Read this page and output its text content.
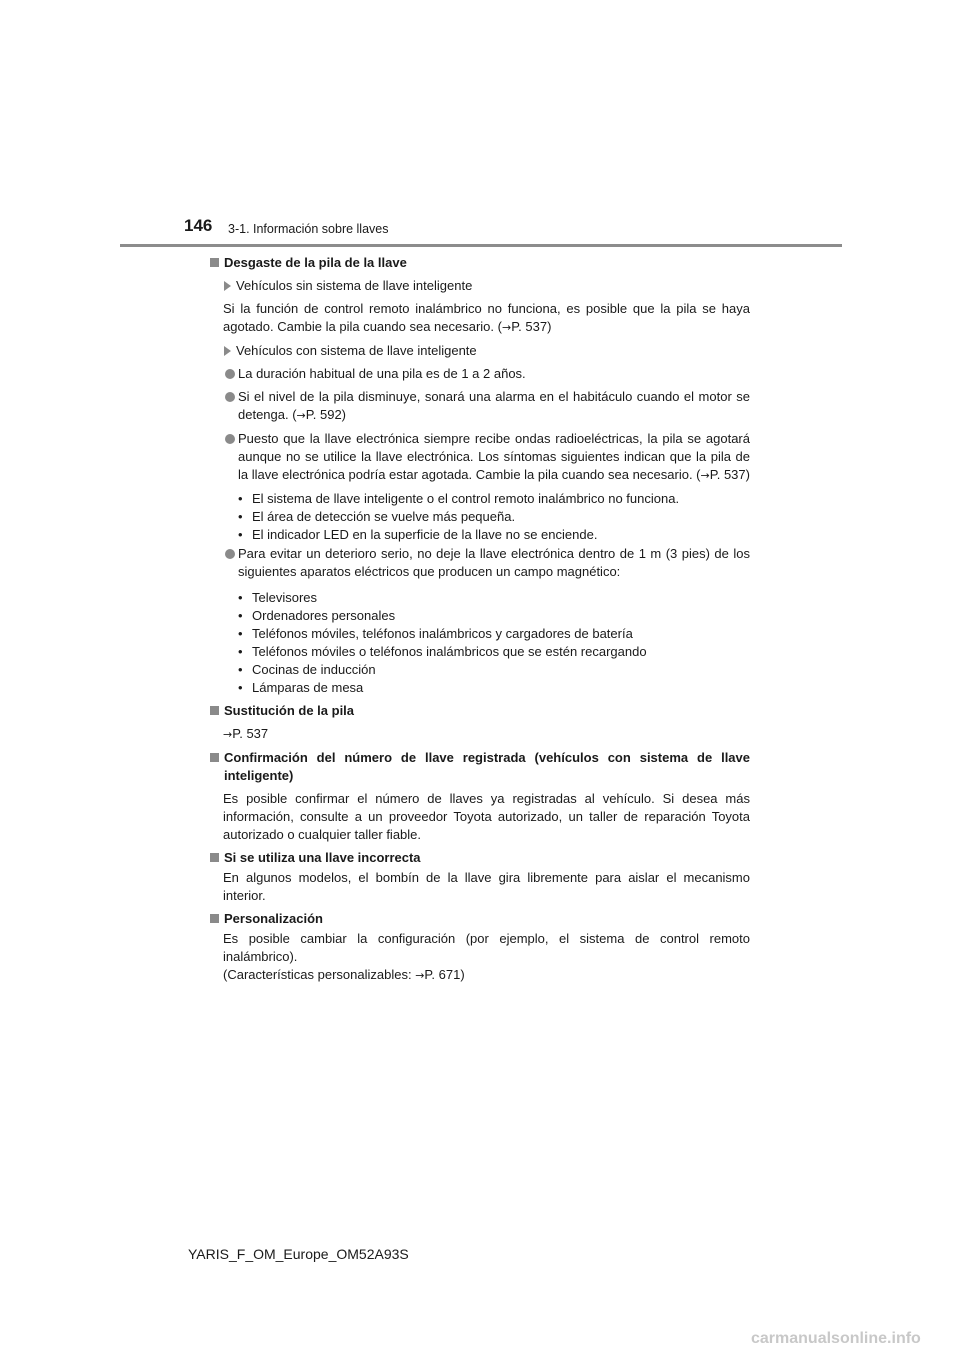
146 3-1. Información sobre llaves

Desgaste de la pila de la llave

Vehículos sin sistema de llave inteligente

Si la función de control remoto inalámbrico no funciona, es posible que la pila se haya agotado. Cambie la pila cuando sea necesario. (→P. 537)

Vehículos con sistema de llave inteligente

La duración habitual de una pila es de 1 a 2 años.

Si el nivel de la pila disminuye, sonará una alarma en el habitáculo cuando el motor se detenga. (→P. 592)

Puesto que la llave electrónica siempre recibe ondas radioeléctricas, la pila se agotará aunque no se utilice la llave electrónica. Los síntomas siguientes indican que la pila de la llave electrónica podría estar agotada. Cambie la pila cuando sea necesario. (→P. 537)

• El sistema de llave inteligente o el control remoto inalámbrico no funciona.
• El área de detección se vuelve más pequeña.
• El indicador LED en la superficie de la llave no se enciende.

Para evitar un deterioro serio, no deje la llave electrónica dentro de 1 m (3 pies) de los siguientes aparatos eléctricos que producen un campo magnético:

• Televisores
• Ordenadores personales
• Teléfonos móviles, teléfonos inalámbricos y cargadores de batería
• Teléfonos móviles o teléfonos inalámbricos que se estén recargando
• Cocinas de inducción
• Lámparas de mesa

Sustitución de la pila

→P. 537

Confirmación del número de llave registrada (vehículos con sistema de llave inteligente)

Es posible confirmar el número de llaves ya registradas al vehículo. Si desea más información, consulte a un proveedor Toyota autorizado, un taller de reparación Toyota autorizado o cualquier taller fiable.

Si se utiliza una llave incorrecta

En algunos modelos, el bombín de la llave gira libremente para aislar el mecanismo interior.

Personalización

Es posible cambiar la configuración (por ejemplo, el sistema de control remoto inalámbrico).
(Características personalizables: →P. 671)

YARIS_F_OM_Europe_OM52A93S
carmanualsonline.info
